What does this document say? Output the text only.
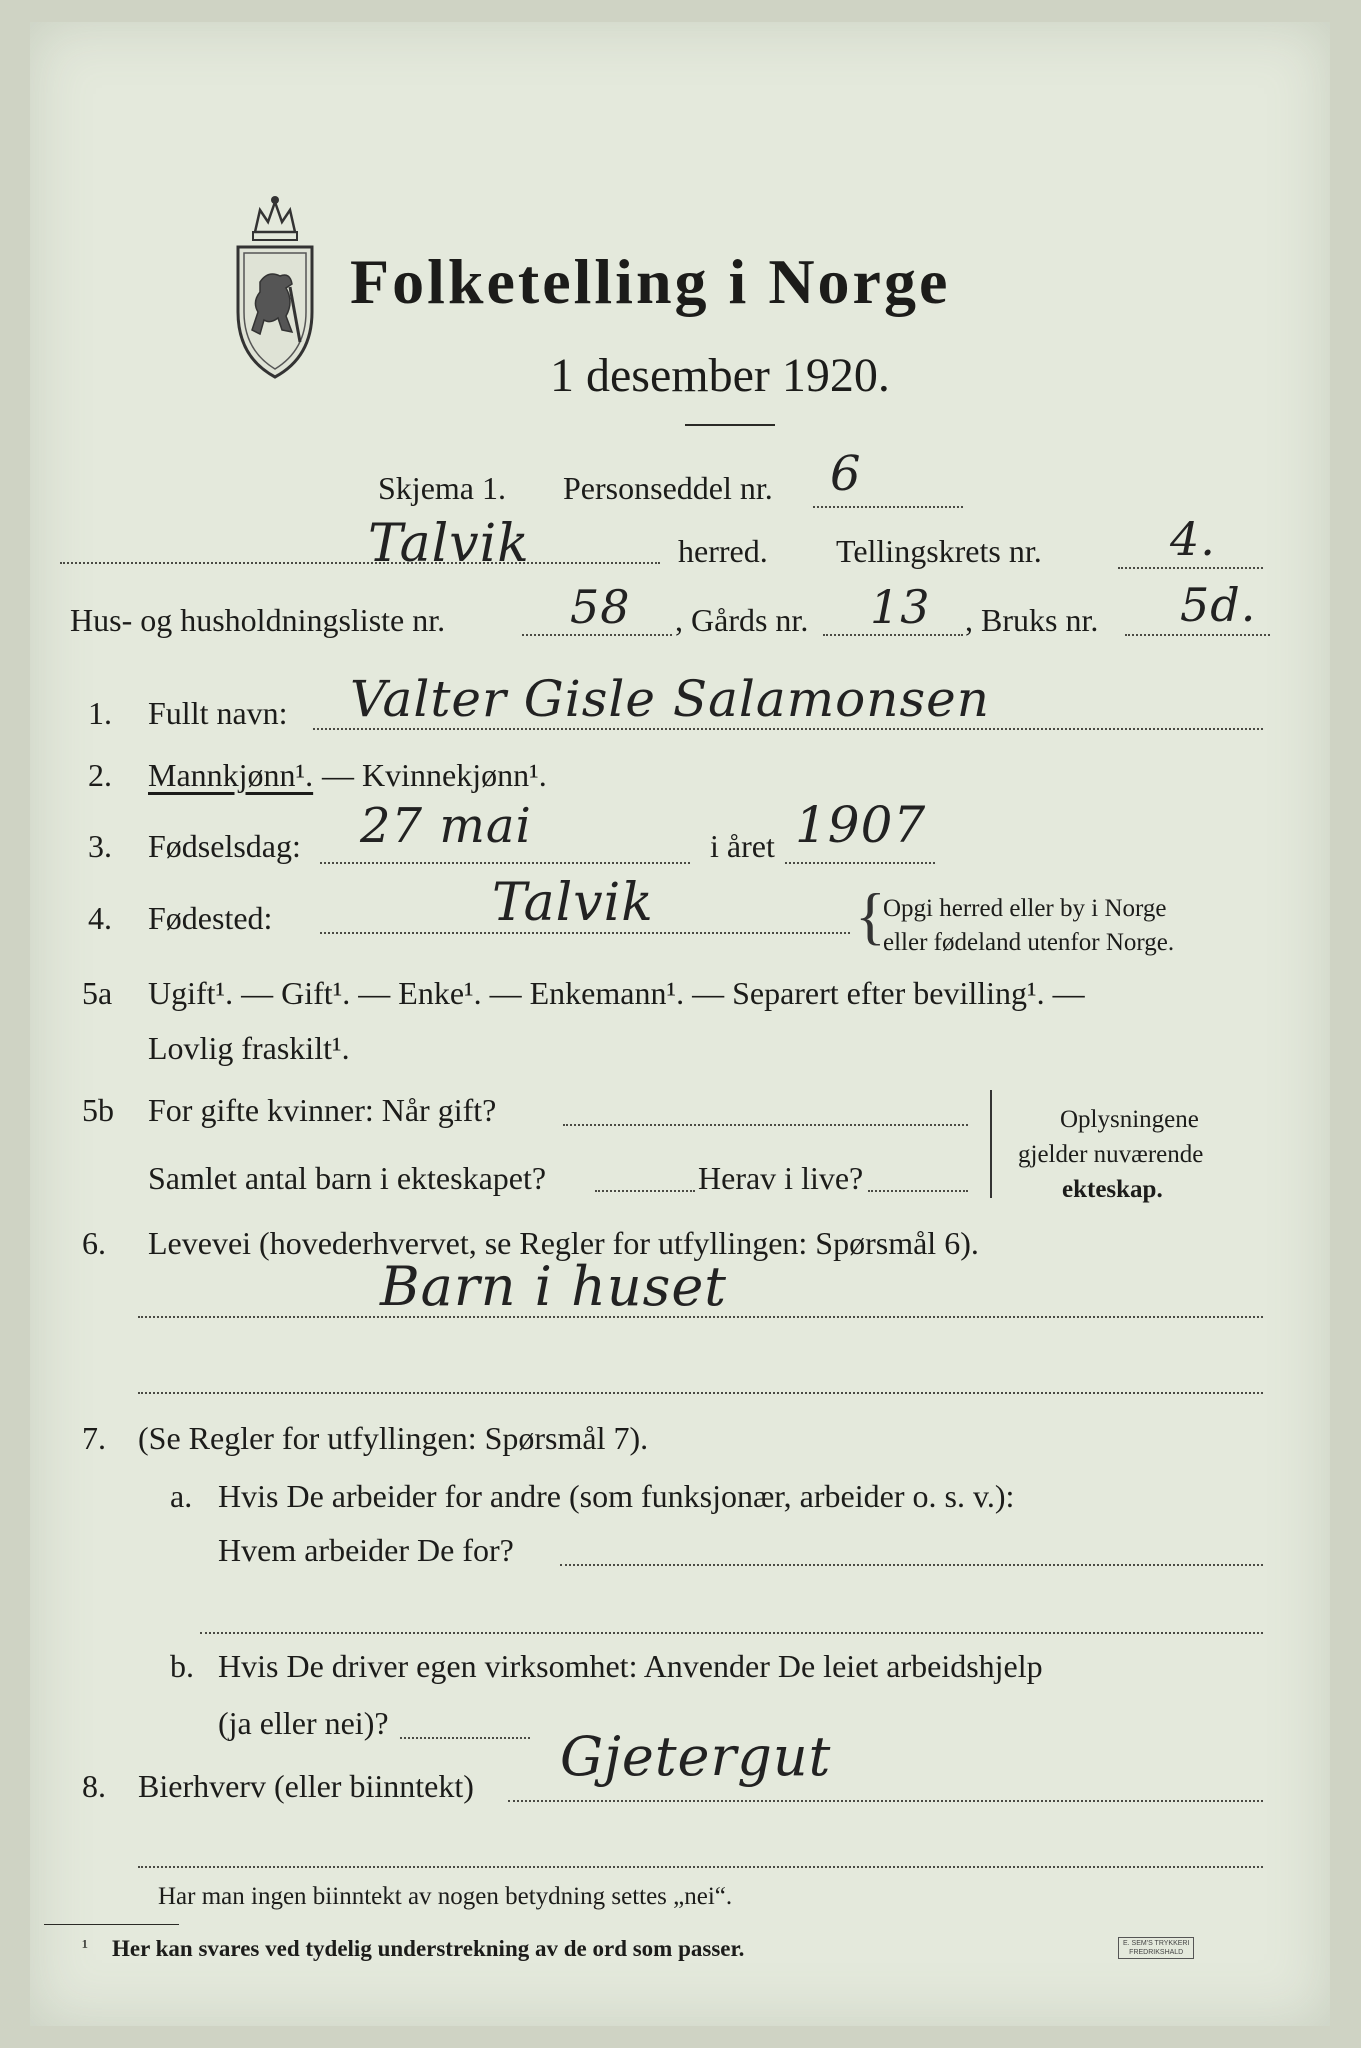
Folketelling i Norge
1 desember 1920.
Skjema 1. Personseddel nr. 6
Talvik	herred. Tellingskrets nr.	4.
Hus- og husholdningsliste nr.	58 , Gårds nr. 13 , Bruks nr. 5d.
1. Fullt navn: Valter Gisle Salamonsen
2. Mannkjønn¹. — Kvinnekjønn¹.
3. Fødselsdag: 27 mai	i året 1907
4. Fødested:	Talvik	{
Opgi herred eller by i Norge
eller fødeland utenfor Norge.
5a Ugift¹. — Gift¹. — Enke¹. — Enkemann¹. — Separert efter bevilling¹. —
Lovlig fraskilt¹.
5b For gifte kvinner: Når gift?
Samlet antal barn i ekteskapet?	Herav i live?
Oplysningene
gjelder nuværende
ekteskap.
6. Levevei (hovederhvervet, se Regler for utfyllingen: Spørsmål 6).
Barn i huset
7. (Se Regler for utfyllingen: Spørsmål 7).
a. Hvis De arbeider for andre (som funksjonær, arbeider o. s. v.):
Hvem arbeider De for?
b. Hvis De driver egen virksomhet: Anvender De leiet arbeidshjelp
(ja eller nei)?
8. Bierhverv (eller biinntekt) Gjetergut
Har man ingen biinntekt av nogen betydning settes „nei“.
¹ Her kan svares ved tydelig understrekning av de ord som passer.	E. SEM'S TRYKKERI
FREDRIKSHALD
